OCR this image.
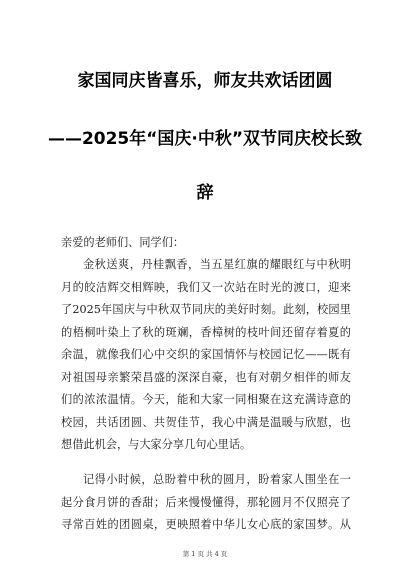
家国同庆皆喜乐，师友共欢话团圆
——2025年“国庆·中秋”双节同庆校长致
辞
亲爱的老师们、同学们：
金秋送爽，丹桂飘香，当五星红旗的耀眼红与中秋明
月的皎洁辉交相辉映，我们又一次站在时光的渡口，迎来
了2025年国庆与中秋双节同庆的美好时刻。此刻，校园里
的梧桐叶染上了秋的斑斓，香樟树的枝叶间还留存着夏的
余温，就像我们心中交织的家国情怀与校园记忆——既有
对祖国母亲繁荣昌盛的深深自豪，也有对朝夕相伴的师友
们的浓浓温情。今天，能和大家一同相聚在这充满诗意的
校园，共话团圆、共贺佳节，我心中满是温暖与欣慰，也
想借此机会，与大家分享几句心里话。
记得小时候，总盼着中秋的圆月，盼着家人围坐在一
起分食月饼的香甜；后来慢慢懂得，那轮圆月不仅照亮了
寻常百姓的团圆桌，更映照着中华儿女心底的家国梦。从
第 1 页 共 4 页
